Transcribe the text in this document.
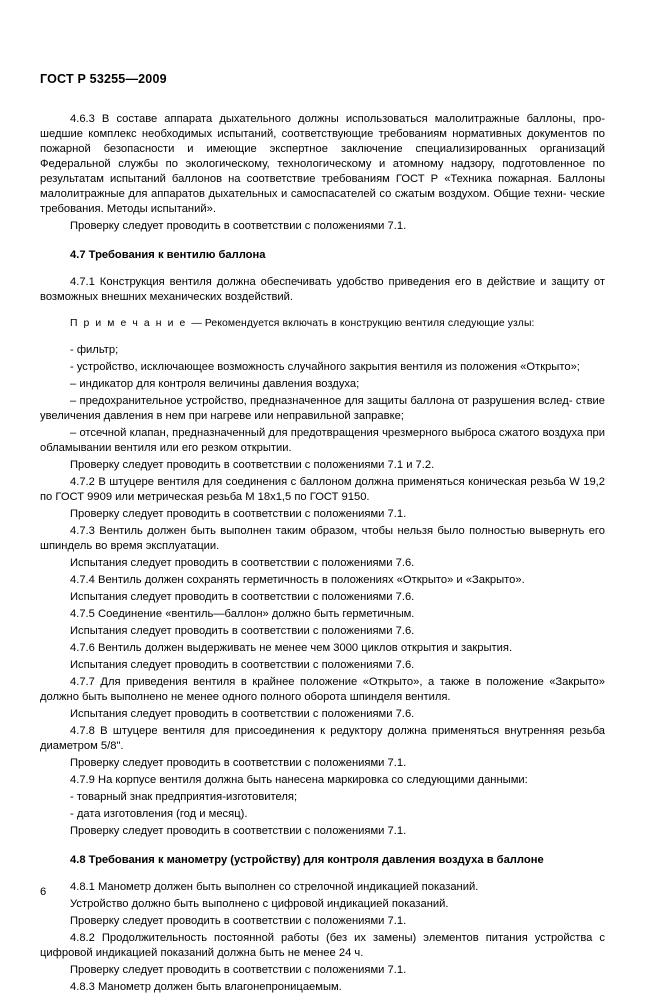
ГОСТ Р 53255—2009

4.6.3 В составе аппарата дыхательного должны использоваться малолитражные баллоны, про- шедшие комплекс необходимых испытаний, соответствующие требованиям нормативных документов по пожарной безопасности и имеющие экспертное заключение специализированных организаций Федеральной службы по экологическому, технологическому и атомному надзору, подготовленное по результатам испытаний баллонов на соответствие требованиям ГОСТ Р «Техника пожарная. Баллоны малолитражные для аппаратов дыхательных и самоспасателей со сжатым воздухом. Общие техни- ческие требования. Методы испытаний».

Проверку следует проводить в соответствии с положениями 7.1.

4.7 Требования к вентилю баллона

4.7.1 Конструкция вентиля должна обеспечивать удобство приведения его в действие и защиту от возможных внешних механических воздействий.

П р и м е ч а н и е — Рекомендуется включать в конструкцию вентиля следующие узлы:

- фильтр;

- устройство, исключающее возможность случайного закрытия вентиля из положения «Открыто»;

– индикатор для контроля величины давления воздуха;

– предохранительное устройство, предназначенное для защиты баллона от разрушения вслед- ствие увеличения давления в нем при нагреве или неправильной заправке;

– отсечной клапан, предназначенный для предотвращения чрезмерного выброса сжатого воздуха при обламывании вентиля или его резком открытии.

Проверку следует проводить в соответствии с положениями 7.1 и 7.2.

4.7.2 В штуцере вентиля для соединения с баллоном должна применяться коническая резьба W 19,2 по ГОСТ 9909 или метрическая резьба М 18х1,5 по ГОСТ 9150.

Проверку следует проводить в соответствии с положениями 7.1.

4.7.3 Вентиль должен быть выполнен таким образом, чтобы нельзя было полностью вывернуть его шпиндель во время эксплуатации.

Испытания следует проводить в соответствии с положениями 7.6.

4.7.4 Вентиль должен сохранять герметичность в положениях «Открыто» и «Закрыто».

Испытания следует проводить в соответствии с положениями 7.6.

4.7.5 Соединение «вентиль—баллон» должно быть герметичным.

Испытания следует проводить в соответствии с положениями 7.6.

4.7.6 Вентиль должен выдерживать не менее чем 3000 циклов открытия и закрытия.

Испытания следует проводить в соответствии с положениями 7.6.

4.7.7 Для приведения вентиля в крайнее положение «Открыто», а также в положение «Закрыто» должно быть выполнено не менее одного полного оборота шпинделя вентиля.

Испытания следует проводить в соответствии с положениями 7.6.

4.7.8 В штуцере вентиля для присоединения к редуктору должна применяться внутренняя резьба диаметром 5/8".

Проверку следует проводить в соответствии с положениями 7.1.

4.7.9 На корпусе вентиля должна быть нанесена маркировка со следующими данными:

- товарный знак предприятия-изготовителя;

- дата изготовления (год и месяц).

Проверку следует проводить в соответствии с положениями 7.1.

4.8 Требования к манометру (устройству) для контроля давления воздуха в баллоне

4.8.1 Манометр должен быть выполнен со стрелочной индикацией показаний.

Устройство должно быть выполнено с цифровой индикацией показаний.

Проверку следует проводить в соответствии с положениями 7.1.

4.8.2 Продолжительность постоянной работы (без их замены) элементов питания устройства с цифровой индикацией показаний должна быть не менее 24 ч.

Проверку следует проводить в соответствии с положениями 7.1.

4.8.3 Манометр должен быть влагонепроницаемым.

6
